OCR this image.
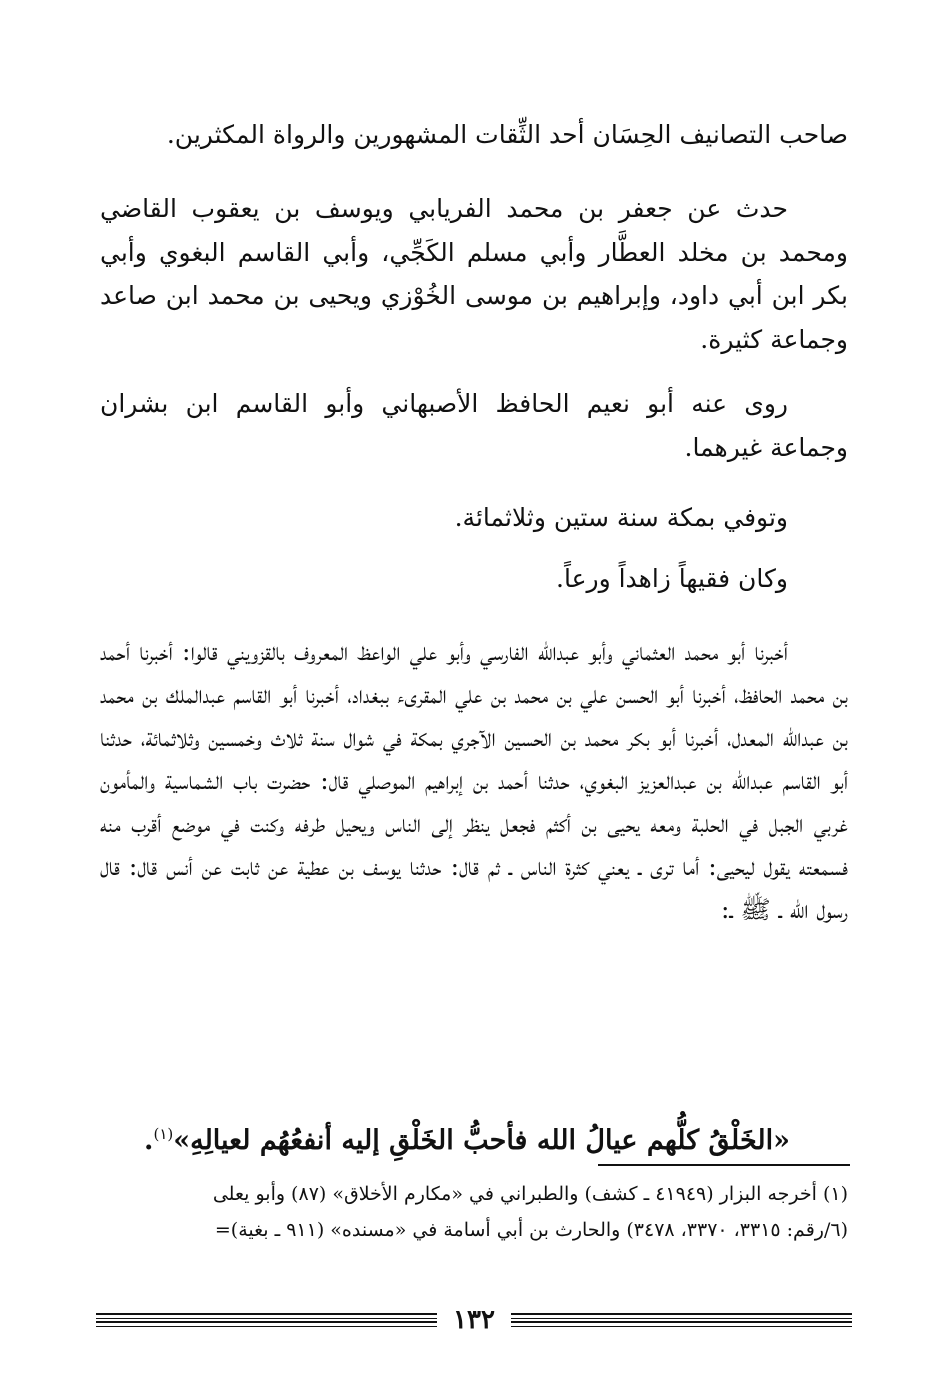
صاحب التصانيف الحِسَان أحد الثِّقات المشهورين والرواة المكثرين.

حدث عن جعفر بن محمد الفريابي ويوسف بن يعقوب القاضي ومحمد بن مخلد العطَّار وأبي مسلم الكَجِّي، وأبي القاسم البغوي وأبي بكر ابن أبي داود، وإبراهيم بن موسى الخُوْزي ويحيى بن محمد ابن صاعد وجماعة كثيرة.

روى عنه أبو نعيم الحافظ الأصبهاني وأبو القاسم ابن بشران وجماعة غيرهما.

وتوفي بمكة سنة ستين وثلاثمائة.

وكان فقيهاً زاهداً ورعاً.

أخبرنا أبو محمد العثماني وأبو عبدالله الفارسي وأبو علي الواعظ المعروف بالقزويني قالوا: أخبرنا أحمد بن محمد الحافظ، أخبرنا أبو الحسن علي بن محمد بن علي المقرىء ببغداد، أخبرنا أبو القاسم عبدالملك بن محمد بن عبدالله المعدل، أخبرنا أبو بكر محمد بن الحسين الآجري بمكة في شوال سنة ثلاث وخمسين وثلاثمائة، حدثنا أبو القاسم عبدالله بن عبدالعزيز البغوي، حدثنا أحمد بن إبراهيم الموصلي قال: حضرت باب الشماسية والمأمون غربي الجبل في الحلبة ومعه يحيى بن أكثم فجعل ينظر إلى الناس ويحيل طرفه وكنت في موضع أقرب منه فسمعته يقول ليحيى: أما ترى ـ يعني كثرة الناس ـ ثم قال: حدثنا يوسف بن عطية عن ثابت عن أنس قال: قال رسول الله ـ ﷺ ـ:

«الخَلْقُ كلُّهم عيالُ الله فأحبُّ الخَلْقِ إليه أنفعُهُم لعيالِهِ»$^{(١)}$.

(١) أخرجه البزار (٤١٩٤٩ ـ كشف) والطبراني في «مكارم الأخلاق» (٨٧) وأبو يعلى
(٦/رقم: ٣٣١٥، ٣٣٧٠، ٣٤٧٨) والحارث بن أبي أسامة في «مسنده» (٩١١ ـ بغية)=
١٣٢
